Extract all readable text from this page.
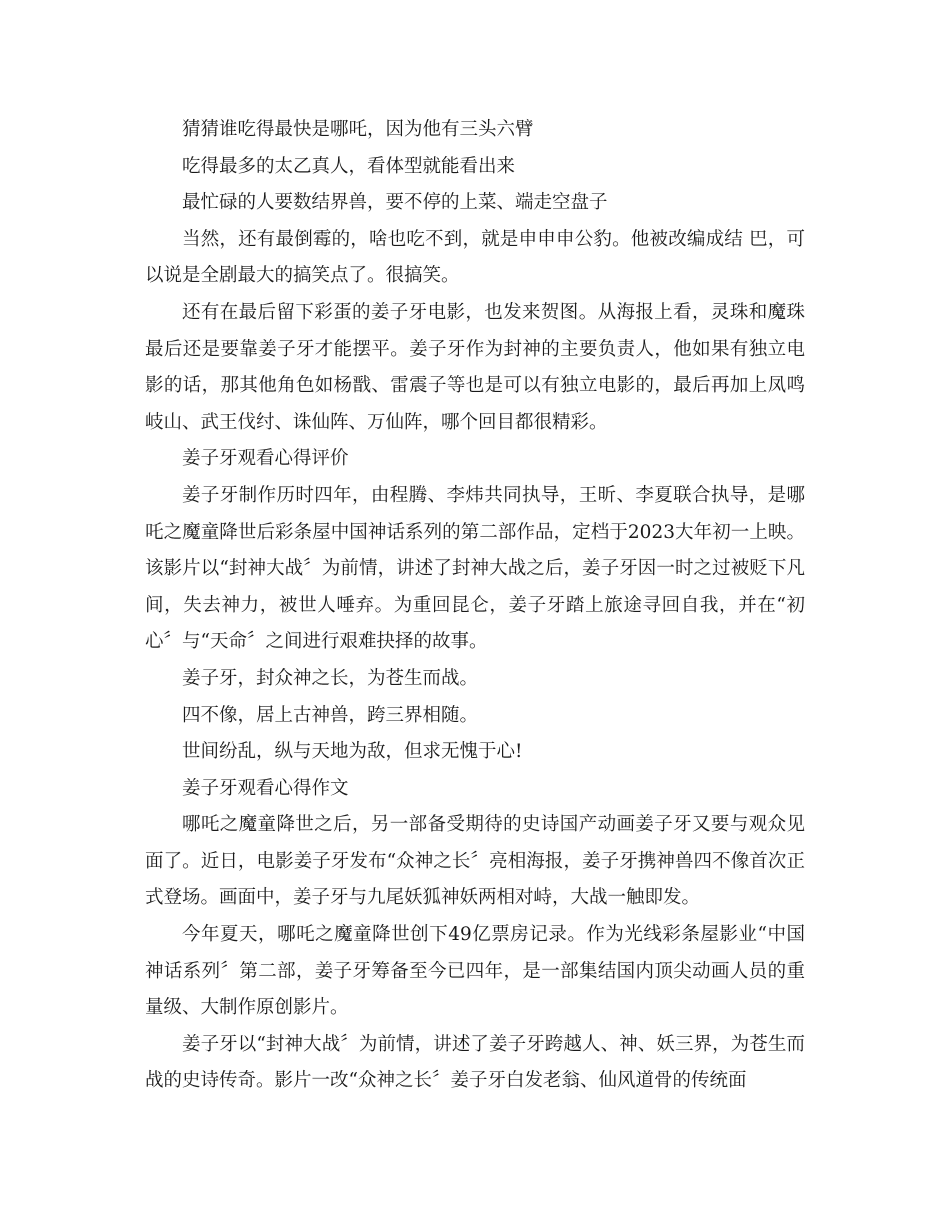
猜猜谁吃得最快是哪吒，因为他有三头六臂

吃得最多的太乙真人，看体型就能看出来

最忙碌的人要数结界兽，要不停的上菜、端走空盘子

当然，还有最倒霉的，啥也吃不到，就是申申申公豹。他被改编成结 巴，可以说是全剧最大的搞笑点了。很搞笑。

还有在最后留下彩蛋的姜子牙电影，也发来贺图。从海报上看，灵珠和魔珠最后还是要靠姜子牙才能摆平。姜子牙作为封神的主要负责人，他如果有独立电影的话，那其他角色如杨戬、雷震子等也是可以有独立电影的，最后再加上凤鸣岐山、武王伐纣、诛仙阵、万仙阵，哪个回目都很精彩。

姜子牙观看心得评价

姜子牙制作历时四年，由程腾、李炜共同执导，王昕、李夏联合执导，是哪吒之魔童降世后彩条屋中国神话系列的第二部作品，定档于2023大年初一上映。该影片以“封神大战〞为前情，讲述了封神大战之后，姜子牙因一时之过被贬下凡间，失去神力，被世人唾弃。为重回昆仑，姜子牙踏上旅途寻回自我，并在“初心〞与“天命〞之间进行艰难抉择的故事。

姜子牙，封众神之长，为苍生而战。

四不像，居上古神兽，跨三界相随。

世间纷乱，纵与天地为敌，但求无愧于心!

姜子牙观看心得作文

哪吒之魔童降世之后，另一部备受期待的史诗国产动画姜子牙又要与观众见面了。近日，电影姜子牙发布“众神之长〞亮相海报，姜子牙携神兽四不像首次正式登场。画面中，姜子牙与九尾妖狐神妖两相对峙，大战一触即发。

今年夏天，哪吒之魔童降世创下49亿票房记录。作为光线彩条屋影业“中国神话系列〞第二部，姜子牙筹备至今已四年，是一部集结国内顶尖动画人员的重量级、大制作原创影片。

姜子牙以“封神大战〞为前情，讲述了姜子牙跨越人、神、妖三界，为苍生而战的史诗传奇。影片一改“众神之长〞姜子牙白发老翁、仙风道骨的传统面
